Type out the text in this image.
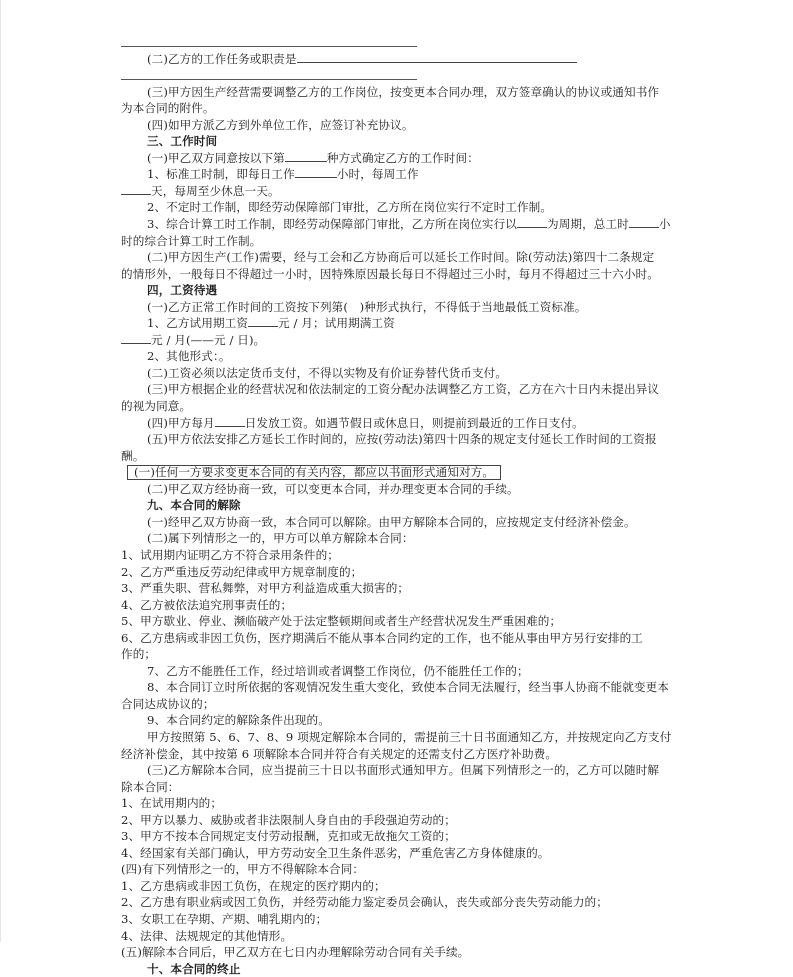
(二)乙方的工作任务或职责是
(三)甲方因生产经营需要调整乙方的工作岗位，按变更本合同办理，双方签章确认的协议或通知书作
为本合同的附件。
(四)如甲方派乙方到外单位工作，应签订补充协议。
三、工作时间
(一)甲乙双方同意按以下第	种方式确定乙方的工作时间：
1、标准工时制，即每日工作	小时，每周工作
天，每周至少休息一天。
2、不定时工作制，即经劳动保障部门审批，乙方所在岗位实行不定时工作制。
3、综合计算工时工作制，即经劳动保障部门审批，乙方所在岗位实行以	为周期，总工时	小
时的综合计算工时工作制。
(二)甲方因生产(工作)需要，经与工会和乙方协商后可以延长工作时间。除(劳动法)第四十二条规定
的情形外，一般每日不得超过一小时，因特殊原因最长每日不得超过三小时，每月不得超过三十六小时。
四，工资待遇
(一)乙方正常工作时间的工资按下列第(　)种形式执行，不得低于当地最低工资标准。
1、乙方试用期工资	元 / 月；试用期满工资
元 / 月(——元 / 日)。
2、其他形式：。
(二)工资必须以法定货币支付，不得以实物及有价证券替代货币支付。
(三)甲方根据企业的经营状况和依法制定的工资分配办法调整乙方工资，乙方在六十日内未提出异议
的视为同意。
(四)甲方每月	日发放工资。如遇节假日或休息日，则提前到最近的工作日支付。
(五)甲方依法安排乙方延长工作时间的，应按(劳动法)第四十四条的规定支付延长工作时间的工资报
酬。
(一)任何一方要求变更本合同的有关内容，都应以书面形式通知对方。
(二)甲乙双方经协商一致，可以变更本合同，并办理变更本合同的手续。
九、本合同的解除
(一)经甲乙双方协商一致，本合同可以解除。由甲方解除本合同的，应按规定支付经济补偿金。
(二)属下列情形之一的，甲方可以单方解除本合同：
1、试用期内证明乙方不符合录用条件的；
2、乙方严重违反劳动纪律或甲方规章制度的；
3、严重失职、营私舞弊，对甲方利益造成重大损害的；
4、乙方被依法追究刑事责任的；
5、甲方歇业、停业、濒临破产处于法定整顿期间或者生产经营状况发生严重困难的；
6、乙方患病或非因工负伤，医疗期满后不能从事本合同约定的工作，也不能从事由甲方另行安排的工
作的；
7、乙方不能胜任工作，经过培训或者调整工作岗位，仍不能胜任工作的；
8、本合同订立时所依据的客观情况发生重大变化，致使本合同无法履行，经当事人协商不能就变更本
合同达成协议的；
9、本合同约定的解除条件出现的。
甲方按照第 5、6、7、8、9 项规定解除本合同的，需提前三十日书面通知乙方，并按规定向乙方支付
经济补偿金，其中按第 6 项解除本合同并符合有关规定的还需支付乙方医疗补助费。
(三)乙方解除本合同，应当提前三十日以书面形式通知甲方。但属下列情形之一的，乙方可以随时解
除本合同：
1、在试用期内的；
2、甲方以暴力、威胁或者非法限制人身自由的手段强迫劳动的；
3、甲方不按本合同规定支付劳动报酬，克扣或无故拖欠工资的；
4、经国家有关部门确认，甲方劳动安全卫生条件恶劣，严重危害乙方身体健康的。
(四)有下列情形之一的，甲方不得解除本合同：
1、乙方患病或非因工负伤，在规定的医疗期内的；
2、乙方患有职业病或因工负伤，并经劳动能力鉴定委员会确认，丧失或部分丧失劳动能力的；
3、女职工在孕期、产期、哺乳期内的；
4、法律、法规规定的其他情形。
(五)解除本合同后，甲乙双方在七日内办理解除劳动合同有关手续。
十、本合同的终止
